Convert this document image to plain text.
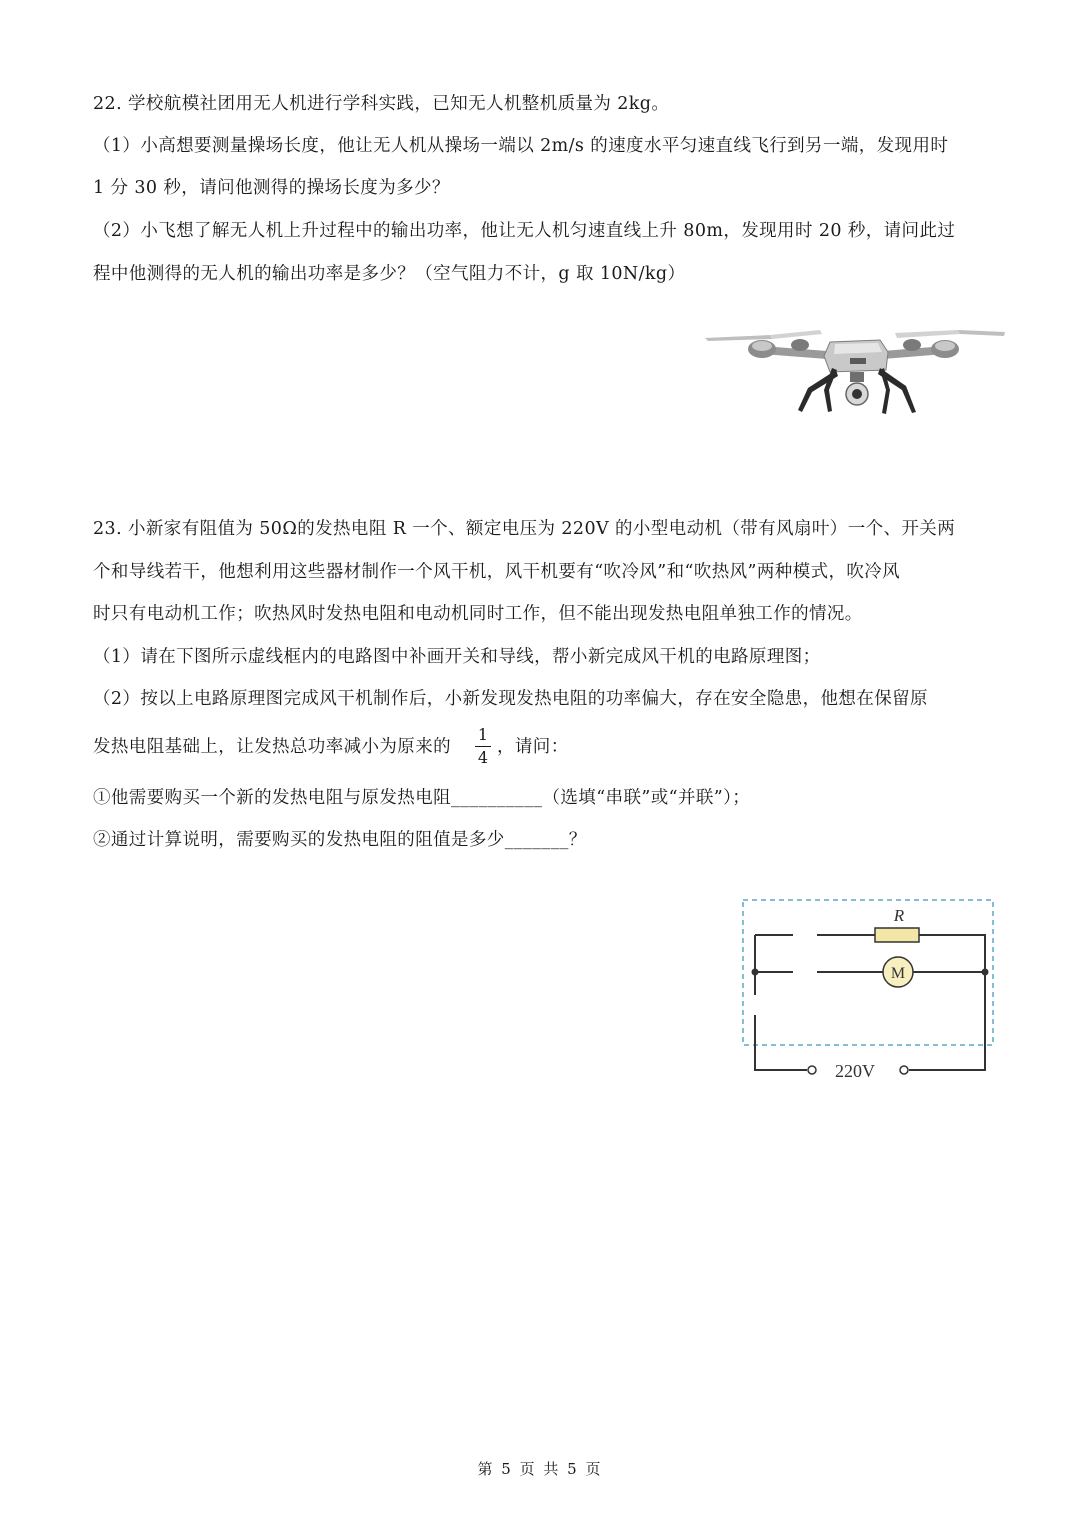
22. 学校航模社团用无人机进行学科实践，已知无人机整机质量为 2kg。
（1）小高想要测量操场长度，他让无人机从操场一端以 2m/s 的速度水平匀速直线飞行到另一端，发现用时
1 分 30 秒，请问他测得的操场长度为多少？
（2）小飞想了解无人机上升过程中的输出功率，他让无人机匀速直线上升 80m，发现用时 20 秒，请问此过
程中他测得的无人机的输出功率是多少？（空气阻力不计，g 取 10N/kg）
23. 小新家有阻值为 50Ω的发热电阻 R 一个、额定电压为 220V 的小型电动机（带有风扇叶）一个、开关两
个和导线若干，他想利用这些器材制作一个风干机，风干机要有“吹冷风”和“吹热风”两种模式，吹冷风
时只有电动机工作；吹热风时发热电阻和电动机同时工作，但不能出现发热电阻单独工作的情况。
（1）请在下图所示虚线框内的电路图中补画开关和导线，帮小新完成风干机的电路原理图；
（2）按以上电路原理图完成风干机制作后，小新发现发热电阻的功率偏大，存在安全隐患，他想在保留原
发热电阻基础上，让发热总功率减小为原来的
1
4
，请问：
①他需要购买一个新的发热电阻与原发热电阻__________（选填“串联”或“并联”）；
②通过计算说明，需要购买的发热电阻的阻值是多少_______？
R
M
220V
第 5 页 共 5 页
